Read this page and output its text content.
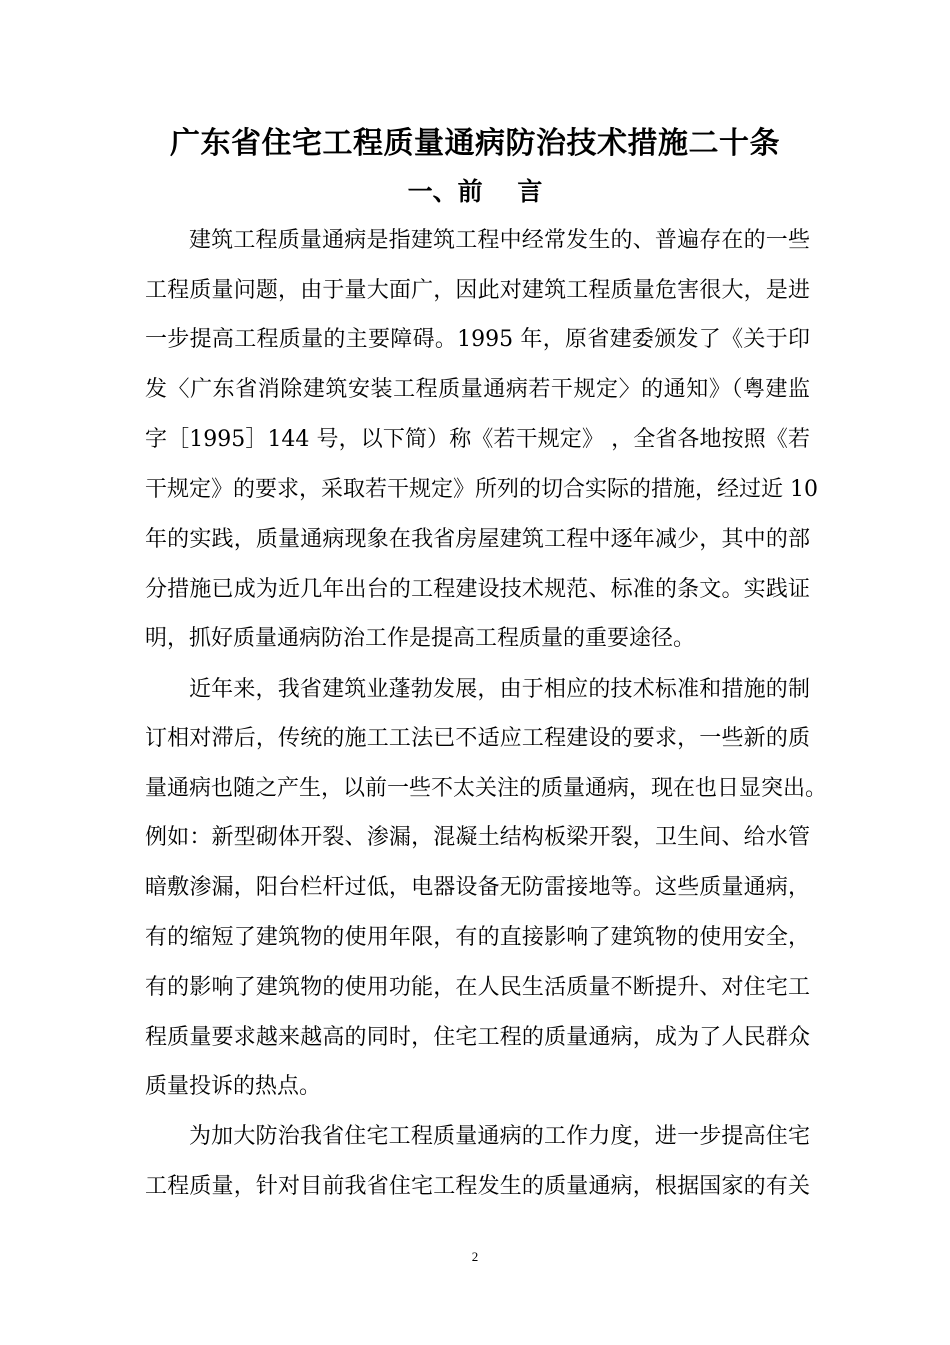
广东省住宅工程质量通病防治技术措施二十条
一、前    言
建筑工程质量通病是指建筑工程中经常发生的、普遍存在的一些
工程质量问题，由于量大面广，因此对建筑工程质量危害很大，是进
一步提高工程质量的主要障碍。1995 年，原省建委颁发了《关于印
发〈广东省消除建筑安装工程质量通病若干规定〉的通知》（粤建监
字［1995］144 号，以下简）称《若干规定》 ，全省各地按照《若
干规定》的要求，采取若干规定》所列的切合实际的措施，经过近 10
年的实践，质量通病现象在我省房屋建筑工程中逐年减少，其中的部
分措施已成为近几年出台的工程建设技术规范、标准的条文。实践证
明，抓好质量通病防治工作是提高工程质量的重要途径。
近年来，我省建筑业蓬勃发展，由于相应的技术标准和措施的制
订相对滞后，传统的施工工法已不适应工程建设的要求，一些新的质
量通病也随之产生，以前一些不太关注的质量通病，现在也日显突出。
例如：新型砌体开裂、渗漏，混凝土结构板梁开裂，卫生间、给水管
暗敷渗漏，阳台栏杆过低，电器设备无防雷接地等。这些质量通病，
有的缩短了建筑物的使用年限，有的直接影响了建筑物的使用安全，
有的影响了建筑物的使用功能，在人民生活质量不断提升、对住宅工
程质量要求越来越高的同时，住宅工程的质量通病，成为了人民群众
质量投诉的热点。
为加大防治我省住宅工程质量通病的工作力度，进一步提高住宅
工程质量，针对目前我省住宅工程发生的质量通病，根据国家的有关
2
